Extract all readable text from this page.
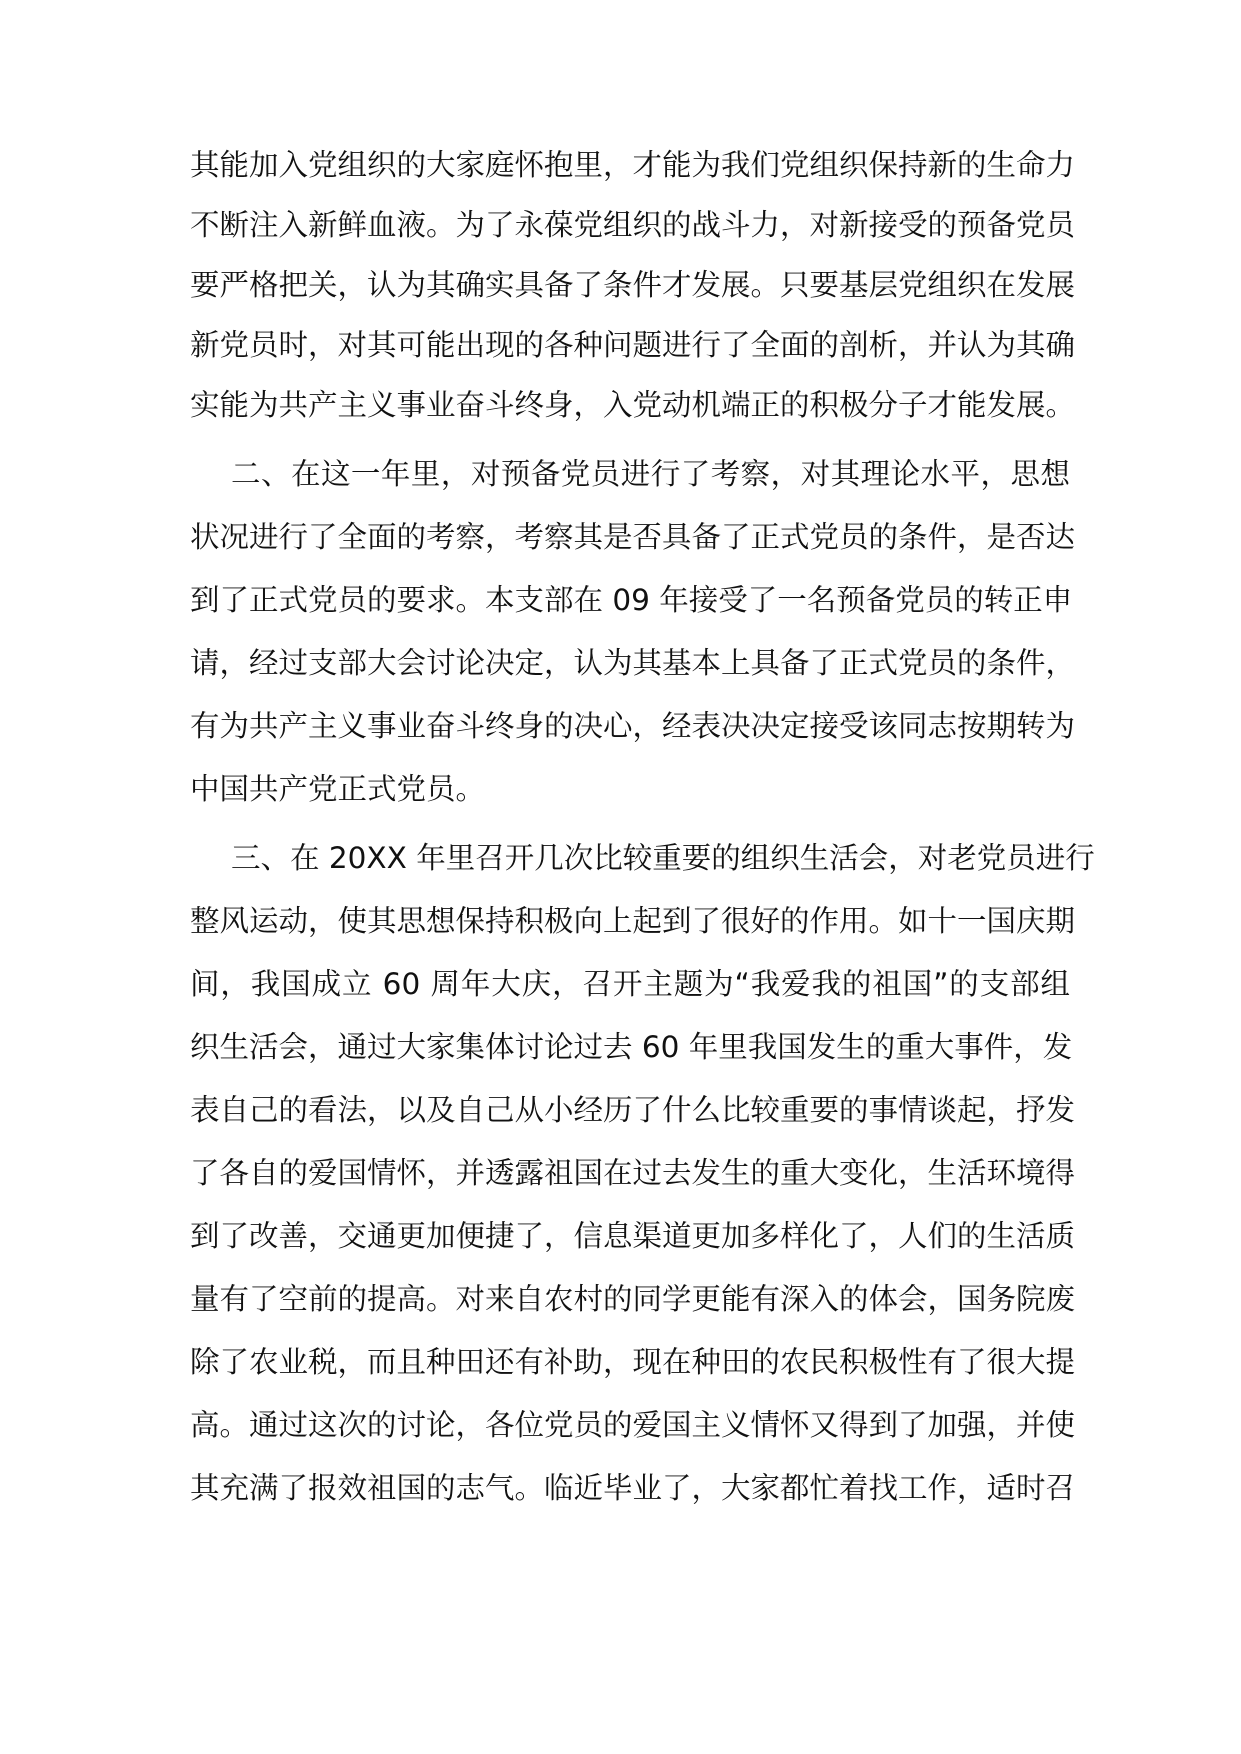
其能加入党组织的大家庭怀抱里，才能为我们党组织保持新的生命力
不断注入新鲜血液。为了永葆党组织的战斗力，对新接受的预备党员
要严格把关，认为其确实具备了条件才发展。只要基层党组织在发展
新党员时，对其可能出现的各种问题进行了全面的剖析，并认为其确
实能为共产主义事业奋斗终身，入党动机端正的积极分子才能发展。
二、在这一年里，对预备党员进行了考察，对其理论水平，思想
状况进行了全面的考察，考察其是否具备了正式党员的条件，是否达
到了正式党员的要求。本支部在 09 年接受了一名预备党员的转正申
请，经过支部大会讨论决定，认为其基本上具备了正式党员的条件，
有为共产主义事业奋斗终身的决心，经表决决定接受该同志按期转为
中国共产党正式党员。
三、在 20XX 年里召开几次比较重要的组织生活会，对老党员进行
整风运动，使其思想保持积极向上起到了很好的作用。如十一国庆期
间，我国成立 60 周年大庆，召开主题为“我爱我的祖国”的支部组
织生活会，通过大家集体讨论过去 60 年里我国发生的重大事件，发
表自己的看法，以及自己从小经历了什么比较重要的事情谈起，抒发
了各自的爱国情怀，并透露祖国在过去发生的重大变化，生活环境得
到了改善，交通更加便捷了，信息渠道更加多样化了，人们的生活质
量有了空前的提高。对来自农村的同学更能有深入的体会，国务院废
除了农业税，而且种田还有补助，现在种田的农民积极性有了很大提
高。通过这次的讨论，各位党员的爱国主义情怀又得到了加强，并使
其充满了报效祖国的志气。临近毕业了，大家都忙着找工作，适时召
